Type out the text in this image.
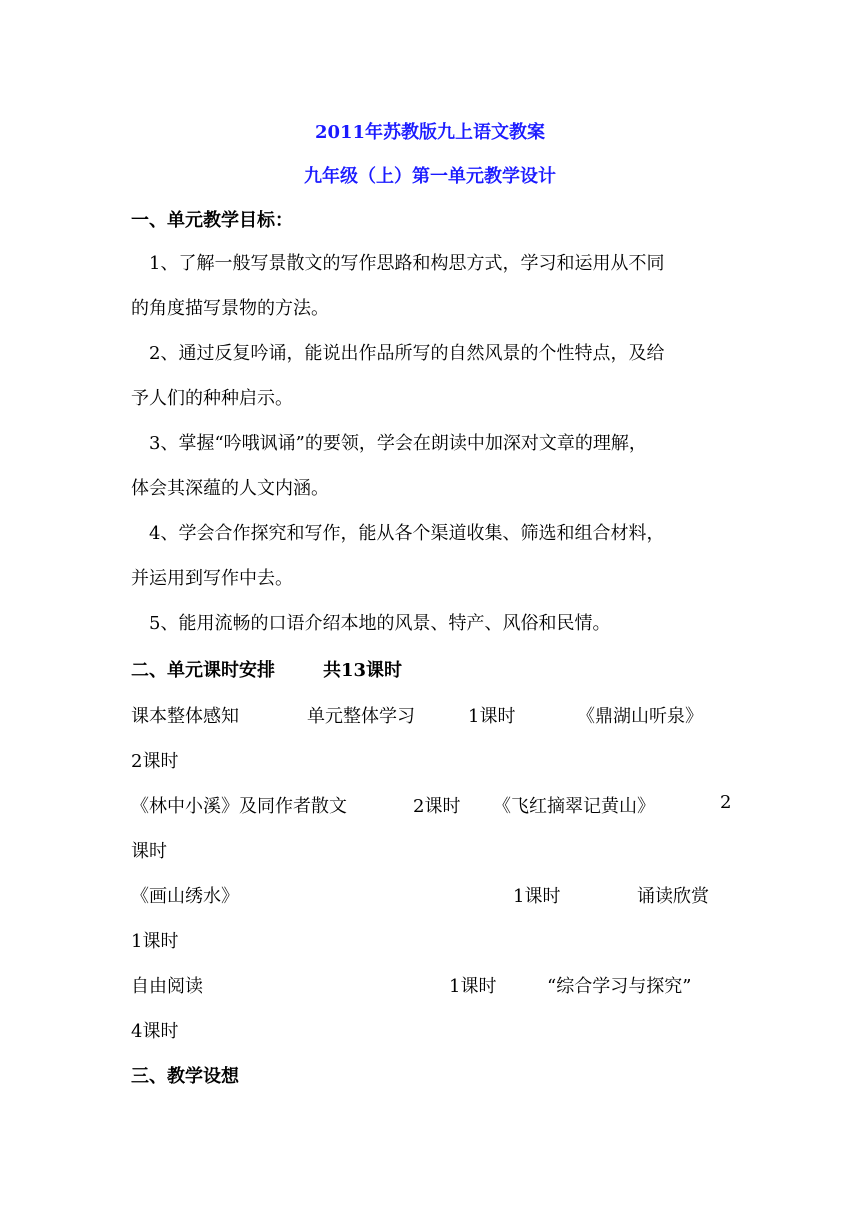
2011年苏教版九上语文教案
九年级（上）第一单元教学设计
一、单元教学目标：
1、了解一般写景散文的写作思路和构思方式，学习和运用从不同
的角度描写景物的方法。
2、通过反复吟诵，能说出作品所写的自然风景的个性特点，及给
予人们的种种启示。
3、掌握“吟哦讽诵”的要领，学会在朗读中加深对文章的理解，
体会其深蕴的人文内涵。
4、学会合作探究和写作，能从各个渠道收集、筛选和组合材料，
并运用到写作中去。
5、能用流畅的口语介绍本地的风景、特产、风俗和民情。
二、单元课时安排	共13课时
课本整体感知	单元整体学习	1课时	《鼎湖山听泉》
2课时
《林中小溪》及同作者散文	2课时 《飞红摘翠记黄山》	2
课时
《画山绣水》	1课时	诵读欣赏
1课时
自由阅读	1课时	“综合学习与探究”
4课时
三、教学设想
